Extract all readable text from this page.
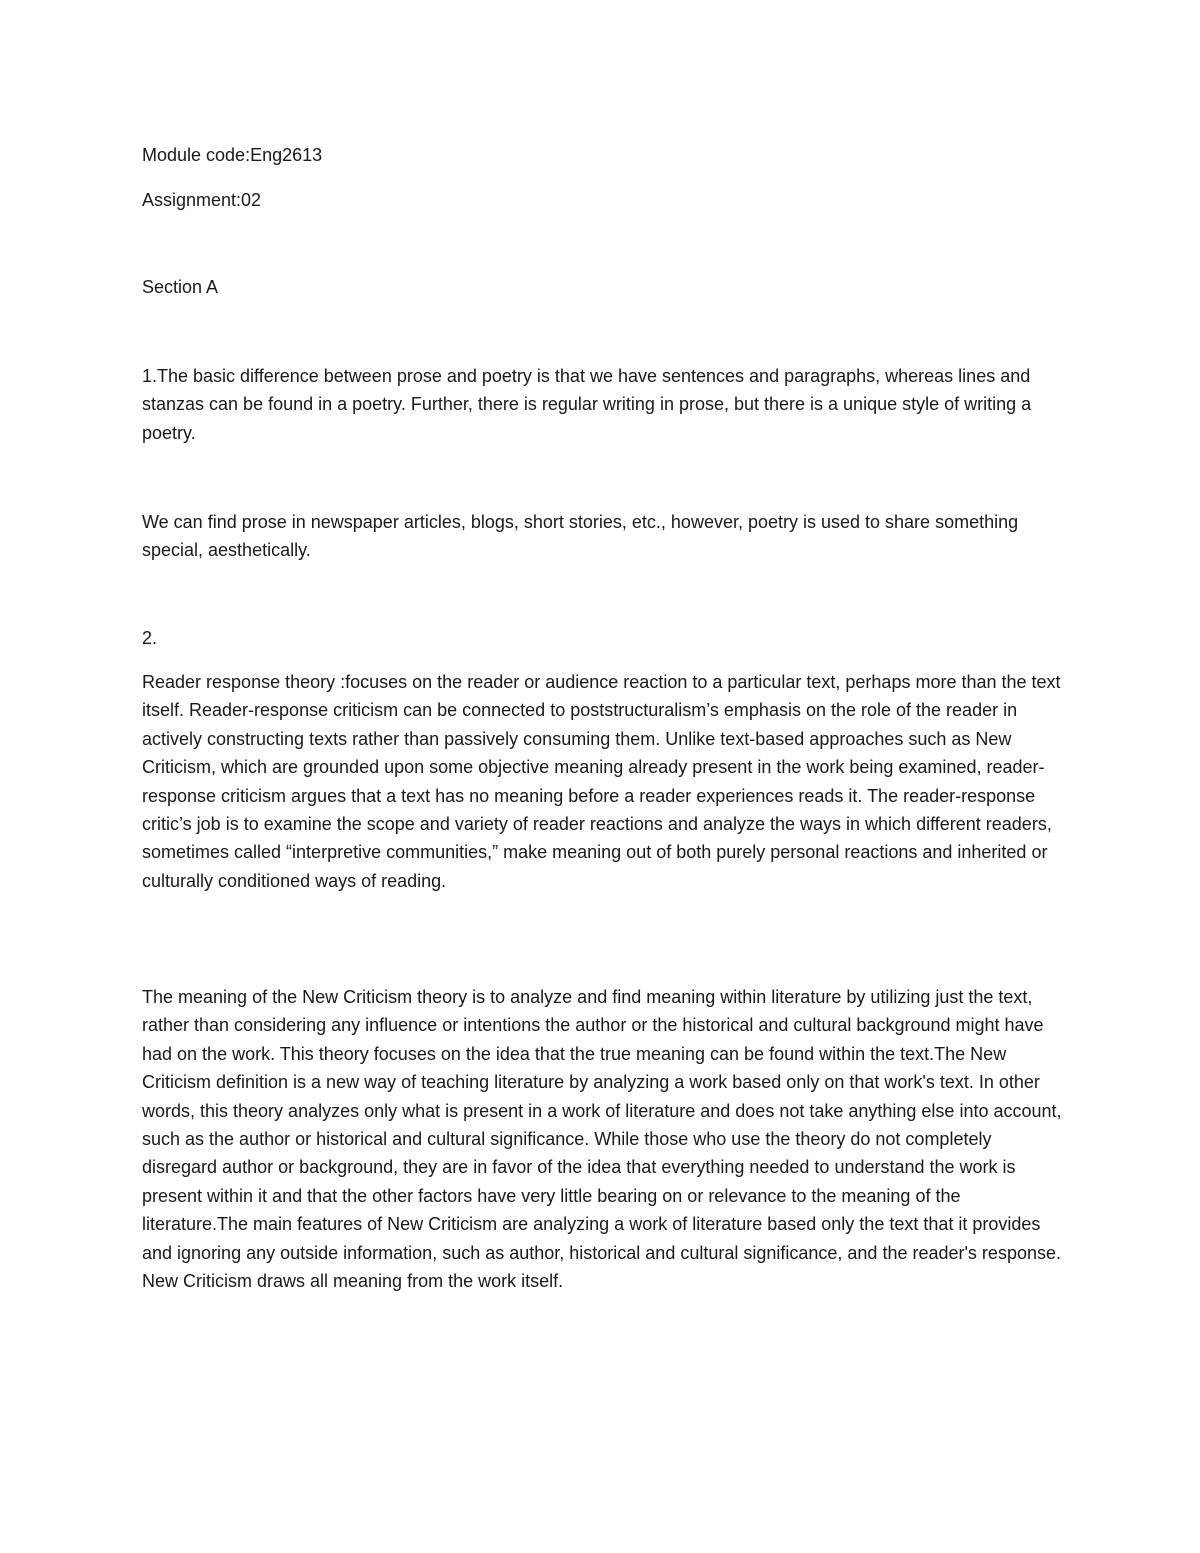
Module code:Eng2613
Assignment:02
Section A

1.The basic difference between prose and poetry is that we have sentences and paragraphs, whereas lines and stanzas can be found in a poetry. Further, there is regular writing in prose, but there is a unique style of writing a poetry.

We can find prose in newspaper articles, blogs, short stories, etc., however, poetry is used to share something special, aesthetically.

2.

Reader response theory :focuses on the reader or audience reaction to a particular text, perhaps more than the text itself. Reader-response criticism can be connected to poststructuralism’s emphasis on the role of the reader in actively constructing texts rather than passively consuming them. Unlike text-based approaches such as New Criticism, which are grounded upon some objective meaning already present in the work being examined, reader-response criticism argues that a text has no meaning before a reader experiences reads it. The reader-response critic’s job is to examine the scope and variety of reader reactions and analyze the ways in which different readers, sometimes called “interpretive communities,” make meaning out of both purely personal reactions and inherited or culturally conditioned ways of reading.

The meaning of the New Criticism theory is to analyze and find meaning within literature by utilizing just the text, rather than considering any influence or intentions the author or the historical and cultural background might have had on the work. This theory focuses on the idea that the true meaning can be found within the text.The New Criticism definition is a new way of teaching literature by analyzing a work based only on that work's text. In other words, this theory analyzes only what is present in a work of literature and does not take anything else into account, such as the author or historical and cultural significance. While those who use the theory do not completely disregard author or background, they are in favor of the idea that everything needed to understand the work is present within it and that the other factors have very little bearing on or relevance to the meaning of the literature.The main features of New Criticism are analyzing a work of literature based only the text that it provides and ignoring any outside information, such as author, historical and cultural significance, and the reader's response. New Criticism draws all meaning from the work itself.
